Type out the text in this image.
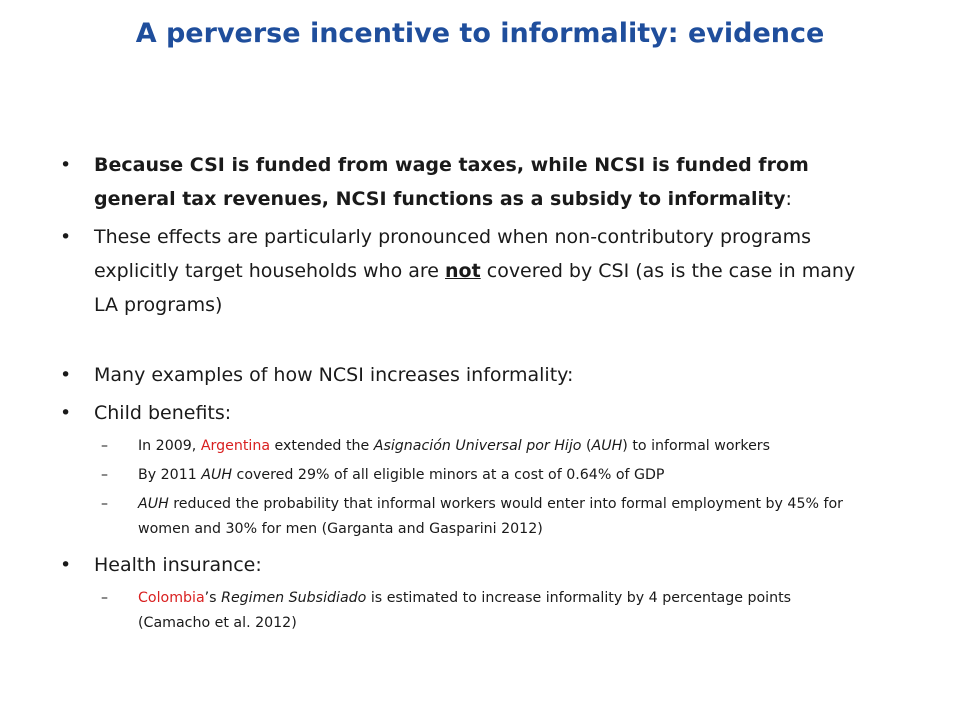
A perverse incentive to informality: evidence
• Because CSI is funded from wage taxes, while NCSI is funded from general tax revenues, NCSI functions as a subsidy to informality:
• These effects are particularly pronounced when non-contributory programs explicitly target households who are not covered by CSI (as is the case in many LA programs)
• Many examples of how NCSI increases informality:
• Child benefits:
– In 2009, Argentina extended the Asignación Universal por Hijo (AUH) to informal workers
– By 2011 AUH covered 29% of all eligible minors at a cost of 0.64% of GDP
– AUH reduced the probability that informal workers would enter into formal employment by 45% for women and 30% for men (Garganta and Gasparini 2012)
• Health insurance:
– Colombia’s Regimen Subsidiado is estimated to increase informality by 4 percentage points (Camacho et al. 2012)
